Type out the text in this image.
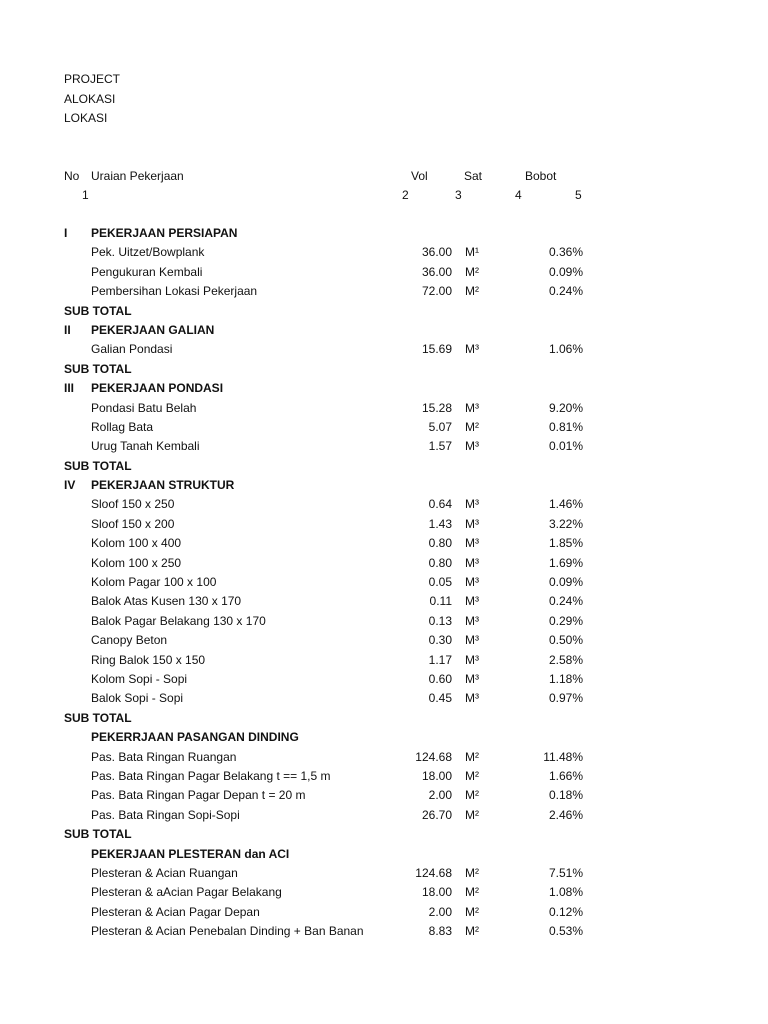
PROJECT
ALOKASI
LOKASI
No Uraian Pekerjaan	Vol	Sat	Bobot
1	2	3	4	5
I PEKERJAAN PERSIAPAN
Pek. Uitzet/Bowplank	36.00 M¹	0.36%
Pengukuran Kembali	36.00 M²	0.09%
Pembersihan Lokasi Pekerjaan	72.00 M²	0.24%
SUB TOTAL
II PEKERJAAN GALIAN
Galian Pondasi	15.69 M³	1.06%
SUB TOTAL
III PEKERJAAN PONDASI
Pondasi Batu Belah	15.28 M³	9.20%
Rollag Bata	5.07 M²	0.81%
Urug Tanah Kembali	1.57 M³	0.01%
SUB TOTAL
IV PEKERJAAN STRUKTUR
Sloof 150 x 250	0.64 M³	1.46%
Sloof 150 x 200	1.43 M³	3.22%
Kolom 100 x 400	0.80 M³	1.85%
Kolom 100 x 250	0.80 M³	1.69%
Kolom Pagar 100 x 100	0.05 M³	0.09%
Balok Atas Kusen 130 x 170	0.11 M³	0.24%
Balok Pagar Belakang 130 x 170	0.13 M³	0.29%
Canopy Beton	0.30 M³	0.50%
Ring Balok 150 x 150	1.17 M³	2.58%
Kolom Sopi - Sopi	0.60 M³	1.18%
Balok Sopi - Sopi	0.45 M³	0.97%
SUB TOTAL
PEKERRJAAN PASANGAN DINDING
Pas. Bata Ringan Ruangan	124.68 M²	11.48%
Pas. Bata Ringan Pagar Belakang t == 1,5 m	18.00 M²	1.66%
Pas. Bata Ringan Pagar Depan t = 20 m	2.00 M²	0.18%
Pas. Bata Ringan Sopi-Sopi	26.70 M²	2.46%
SUB TOTAL
PEKERJAAN PLESTERAN dan ACI
Plesteran & Acian Ruangan	124.68 M²	7.51%
Plesteran & aAcian Pagar Belakang	18.00 M²	1.08%
Plesteran & Acian Pagar Depan	2.00 M²	0.12%
Plesteran & Acian Penebalan Dinding + Ban Banan	8.83 M²	0.53%
